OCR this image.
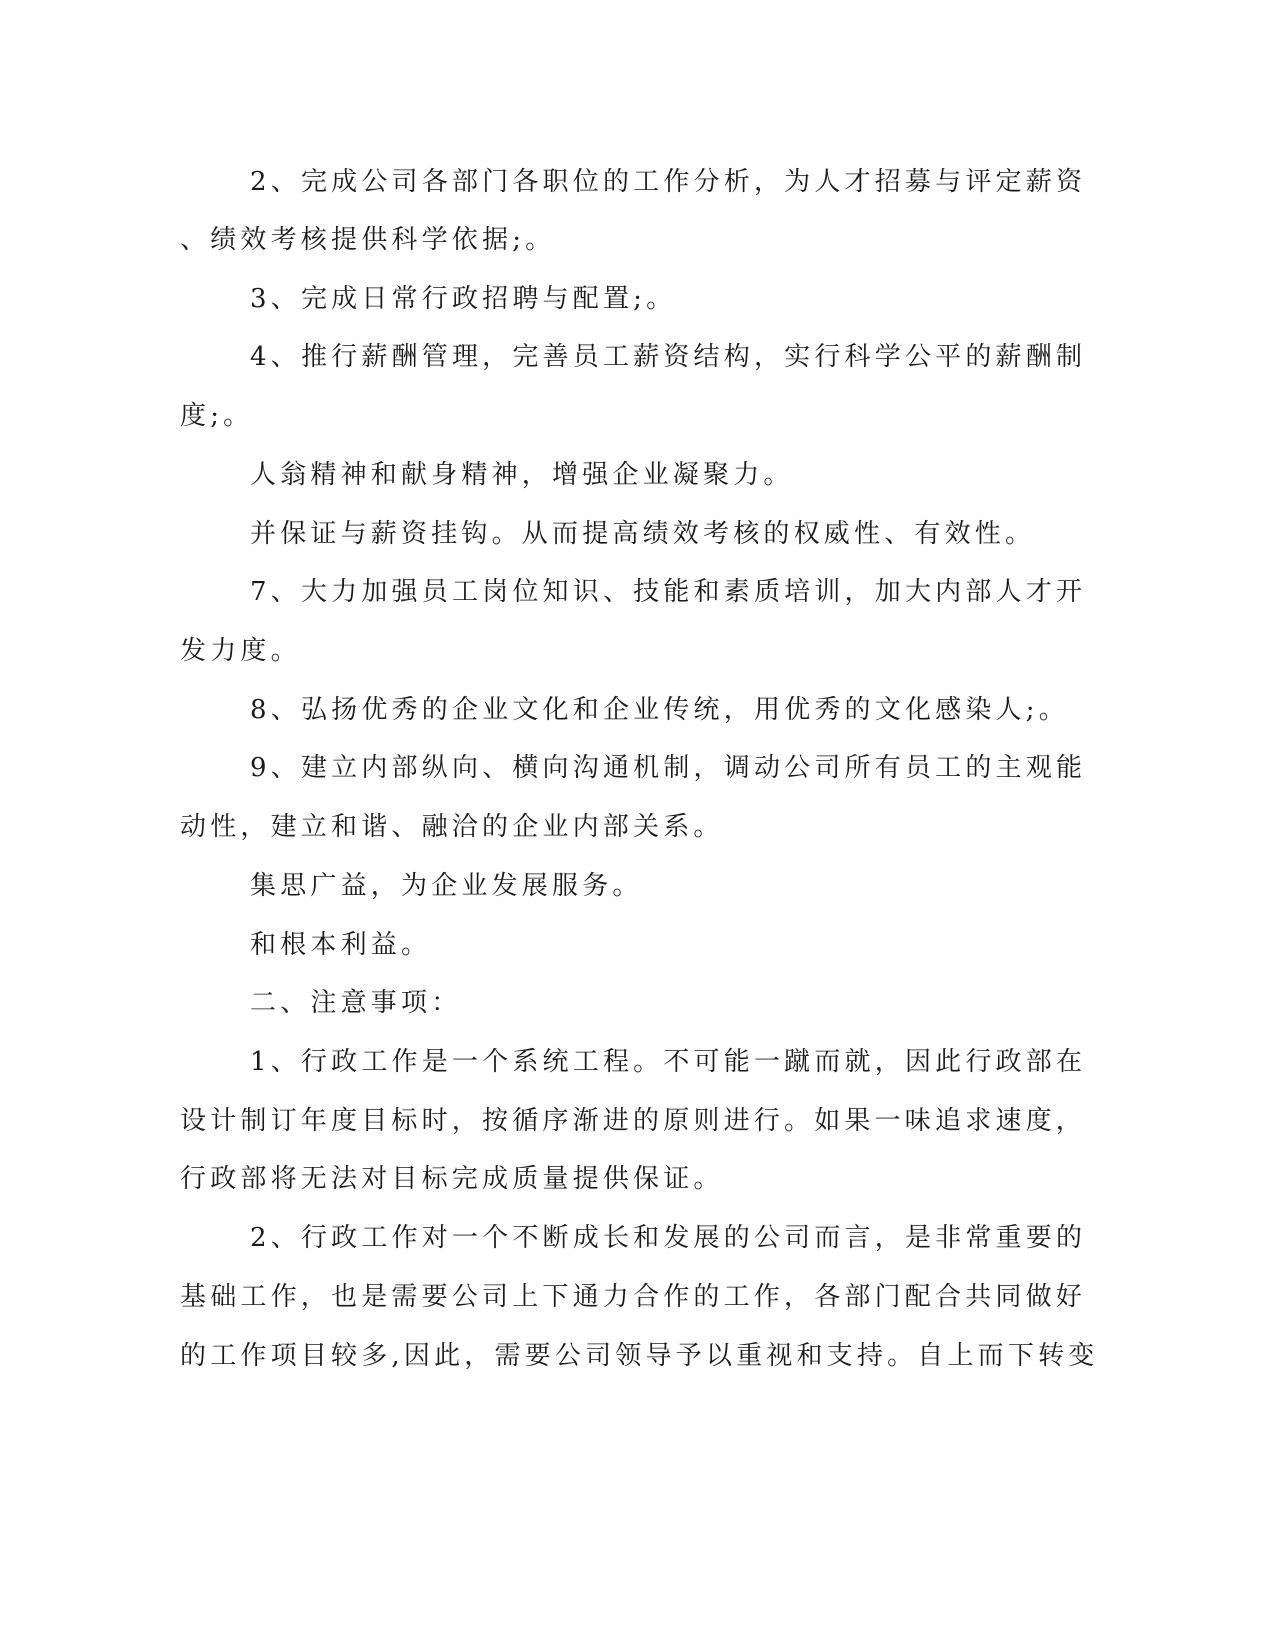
2、完成公司各部门各职位的工作分析，为人才招募与评定薪资
、绩效考核提供科学依据;。
3、完成日常行政招聘与配置;。
4、推行薪酬管理，完善员工薪资结构，实行科学公平的薪酬制
度;。
人翁精神和献身精神，增强企业凝聚力。
并保证与薪资挂钩。从而提高绩效考核的权威性、有效性。
7、大力加强员工岗位知识、技能和素质培训，加大内部人才开
发力度。
8、弘扬优秀的企业文化和企业传统，用优秀的文化感染人;。
9、建立内部纵向、横向沟通机制，调动公司所有员工的主观能
动性，建立和谐、融洽的企业内部关系。
集思广益，为企业发展服务。
和根本利益。
二、注意事项：
1、行政工作是一个系统工程。不可能一蹴而就，因此行政部在
设计制订年度目标时，按循序渐进的原则进行。如果一味追求速度，
行政部将无法对目标完成质量提供保证。
2、行政工作对一个不断成长和发展的公司而言，是非常重要的
基础工作，也是需要公司上下通力合作的工作，各部门配合共同做好
的工作项目较多,因此，需要公司领导予以重视和支持。自上而下转变
